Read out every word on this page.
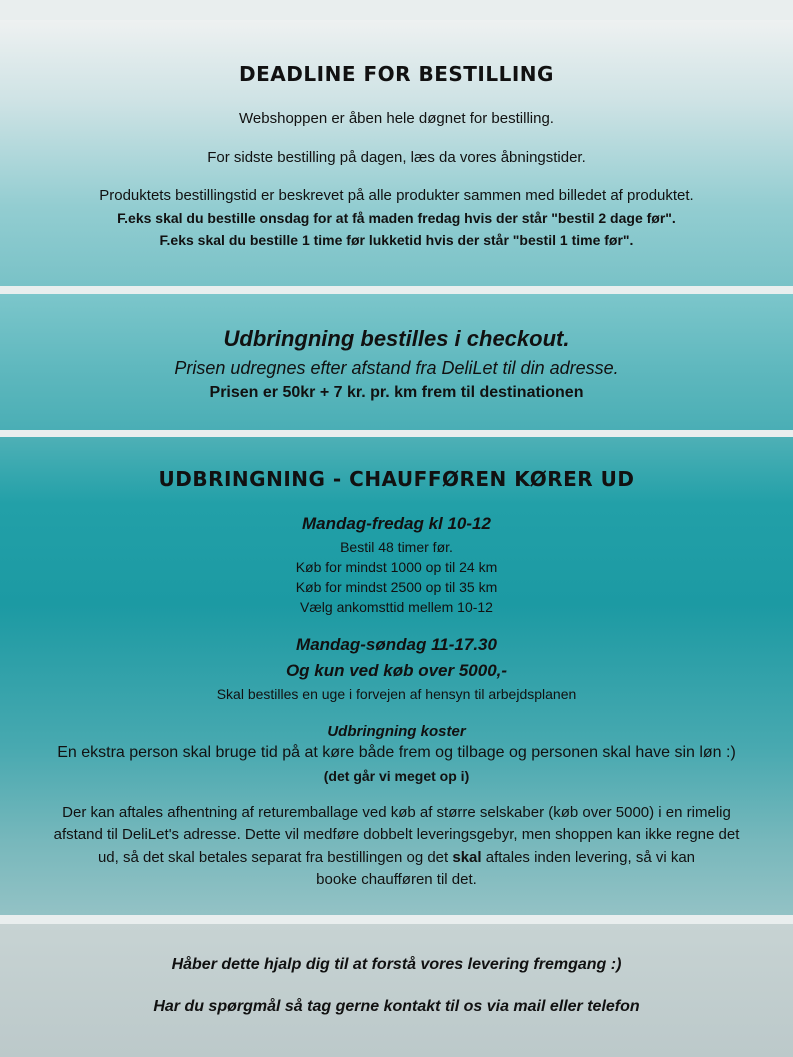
DEADLINE FOR BESTILLING

Webshoppen er åben hele døgnet for bestilling.

For sidste bestilling på dagen, læs da vores åbningstider.

Produktets bestillingstid er beskrevet på alle produkter sammen med billedet af produktet.

F.eks skal du bestille onsdag for at få maden fredag hvis der står "bestil 2 dage før".

F.eks skal du bestille 1 time før lukketid hvis der står "bestil 1 time før".

Udbringning bestilles i checkout.

Prisen udregnes efter afstand fra DeliLet til din adresse.

Prisen er 50kr + 7 kr. pr. km frem til destinationen

UDBRINGNING - CHAUFFØREN KØRER UD

Mandag-fredag kl 10-12

Bestil 48 timer før.

Køb for mindst 1000 op til 24 km

Køb for mindst 2500 op til 35 km

Vælg ankomsttid mellem 10-12

Mandag-søndag 11-17.30

Og kun ved køb over 5000,-

Skal bestilles en uge i forvejen af hensyn til arbejdsplanen

Udbringning koster

En ekstra person skal bruge tid på at køre både frem og tilbage og personen skal have sin løn :)

(det går vi meget op i)

Der kan aftales afhentning af returemballage ved køb af større selskaber (køb over 5000) i en rimelig

afstand til DeliLet's adresse. Dette vil medføre dobbelt leveringsgebyr, men shoppen kan ikke regne det

ud, så det skal betales separat fra bestillingen og det skal aftales inden levering, så vi kan

booke chaufføren til det.

Håber dette hjalp dig til at forstå vores levering fremgang :)

Har du spørgmål så tag gerne kontakt til os via mail eller telefon
